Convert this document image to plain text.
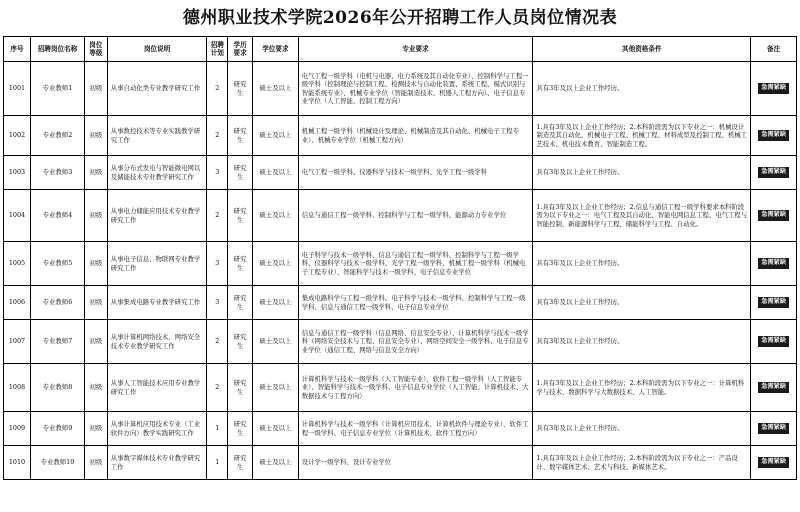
德州职业技术学院2026年公开招聘工作人员岗位情况表
序号	招聘岗位名称	岗位等级	岗位说明	招聘计划	学历要求	学位要求	专业要求	其他资格条件	备注
1001	专业教师1	初级	从事自动化类专业教学研究工作	2	研究生	硕士及以上	电气工程一级学科（电机与电器、电力系统及其自动化专业）、控制科学与工程一级学科（控制理论与控制工程、检测技术与自动化装置、系统工程、模式识别与智能系统专业）、机械专业学位（智能制造技术、机器人工程方向）、电子信息专业学位（人工智能、控制工程方向）	具有3年及以上企业工作经历。	急需紧缺
1002	专业教师2	初级	从事数控技术等专业实践教学研究工作	2	研究生	硕士及以上	机械工程一级学科（机械设计及理论、机械制造及其自动化、机械电子工程专业）、机械专业学位（机械工程方向）	1.具有3年及以上企业工作经历；2.本科阶段需为以下专业之一：机械设计制造及其自动化、机械电子工程、机械工程、材料成型及控制工程、机械工艺技术、机电技术教育、智能制造工程。	急需紧缺
1003	专业教师3	初级	从事分布式发电与智能微电网以及储能技术专业教学研究工作	3	研究生	硕士及以上	电气工程一级学科、仪器科学与技术一级学科、光学工程一级学科	具有3年及以上企业工作经历。	急需紧缺
1004	专业教师4	初级	从事电力储能应用技术专业教学研究工作	2	研究生	硕士及以上	信息与通信工程一级学科、控制科学与工程一级学科、能源动力专业学位	1.具有3年及以上企业工作经历；2.信息与通信工程一级学科要求本科阶段需为以下专业之一：电气工程及其自动化、智能电网信息工程、电气工程与智能控制、新能源科学与工程、储能科学与工程、自动化。	急需紧缺
1005	专业教师5	初级	从事电子信息、物联网专业教学研究工作	3	研究生	硕士及以上	电子科学与技术一级学科、信息与通信工程一级学科、控制科学与工程一级学科、仪器科学与技术一级学科、光学工程一级学科、机械工程一级学科（机械电子工程专业）、智能科学与技术一级学科、电子信息专业学位	具有3年及以上企业工作经历。	急需紧缺
1006	专业教师6	初级	从事集成电路专业教学研究工作	3	研究生	硕士及以上	集成电路科学与工程一级学科、电子科学与技术一级学科、控制科学与工程一级学科、信息与通信工程一级学科、电子信息专业学位	具有3年及以上企业工作经历。	急需紧缺
1007	专业教师7	初级	从事计算机网络技术、网络安全技术专业教学研究工作	2	研究生	硕士及以上	信息与通信工程一级学科（信息网络、信息安全专业）、计算机科学与技术一级学科（网络安全技术与工程、信息安全专业）、网络空间安全一级学科、电子信息专业学位（通信工程、网络与信息安全方向）	具有3年及以上企业工作经历。	急需紧缺
1008	专业教师8	初级	从事人工智能技术应用专业教学研究工作	2	研究生	硕士及以上	计算机科学与技术一级学科（人工智能专业）、软件工程一级学科（人工智能专业）、智能科学与技术一级学科、电子信息专业学位（人工智能、计算机技术、大数据技术与工程方向）	1.具有3年及以上企业工作经历；2.本科阶段需为以下专业之一：计算机科学与技术、数据科学与大数据技术、人工智能。	急需紧缺
1009	专业教师9	初级	从事计算机应用技术专业（工业软件方向）教学实践研究工作	1	研究生	硕士及以上	计算机科学与技术一级学科（计算机应用技术、计算机软件与理论专业）、软件工程一级学科、电子信息专业学位（计算机技术、软件工程方向）	具有3年及以上企业工作经历。	急需紧缺
1010	专业教师10	初级	从事数字媒体技术专业教学研究工作	1	研究生	硕士及以上	设计学一级学科、设计专业学位	1.具有3年及以上企业工作经历；2.本科阶段需为以下专业之一：产品设计、数字媒体艺术、艺术与科技、新媒体艺术。	急需紧缺
